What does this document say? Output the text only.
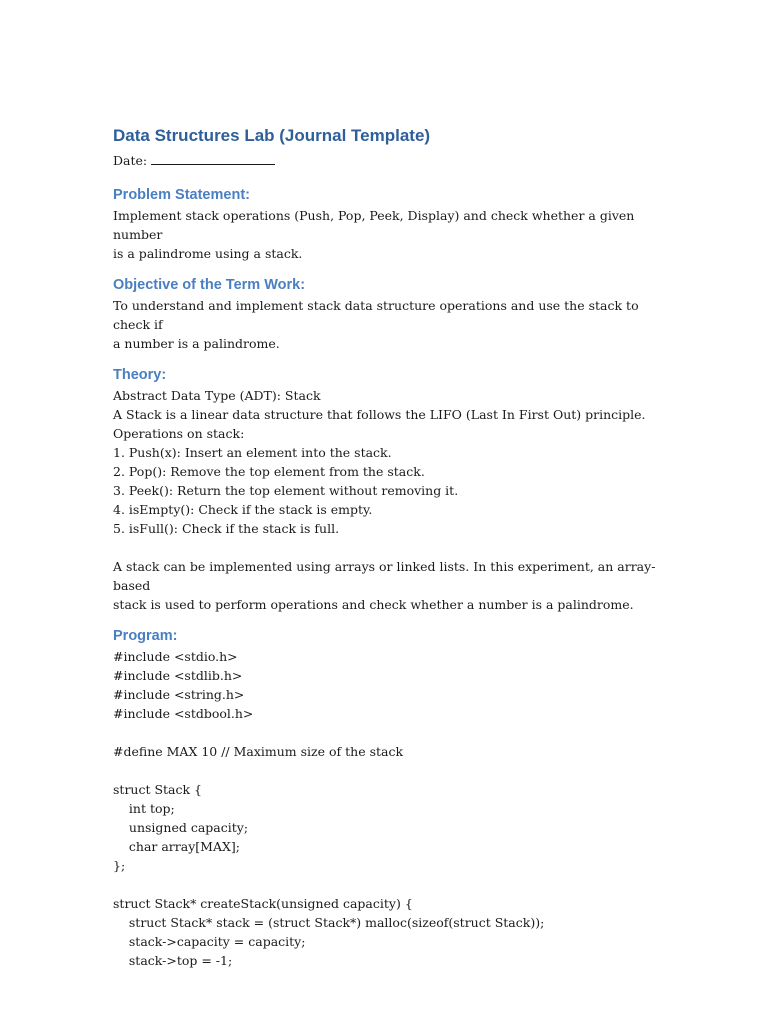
Data Structures Lab (Journal Template)

Date:

Problem Statement:

Implement stack operations (Push, Pop, Peek, Display) and check whether a given number

is a palindrome using a stack.

Objective of the Term Work:

To understand and implement stack data structure operations and use the stack to check if

a number is a palindrome.

Theory:

Abstract Data Type (ADT): Stack

A Stack is a linear data structure that follows the LIFO (Last In First Out) principle.

Operations on stack:

1. Push(x): Insert an element into the stack.

2. Pop(): Remove the top element from the stack.

3. Peek(): Return the top element without removing it.

4. isEmpty(): Check if the stack is empty.

5. isFull(): Check if the stack is full.

A stack can be implemented using arrays or linked lists. In this experiment, an array-based

stack is used to perform operations and check whether a number is a palindrome.

Program:

#include <stdio.h>

#include <stdlib.h>

#include <string.h>

#include <stdbool.h>

#define MAX 10 // Maximum size of the stack

struct Stack {

int top;

unsigned capacity;

char array[MAX];

};

struct Stack* createStack(unsigned capacity) {

struct Stack* stack = (struct Stack*) malloc(sizeof(struct Stack));

stack->capacity = capacity;

stack->top = -1;
